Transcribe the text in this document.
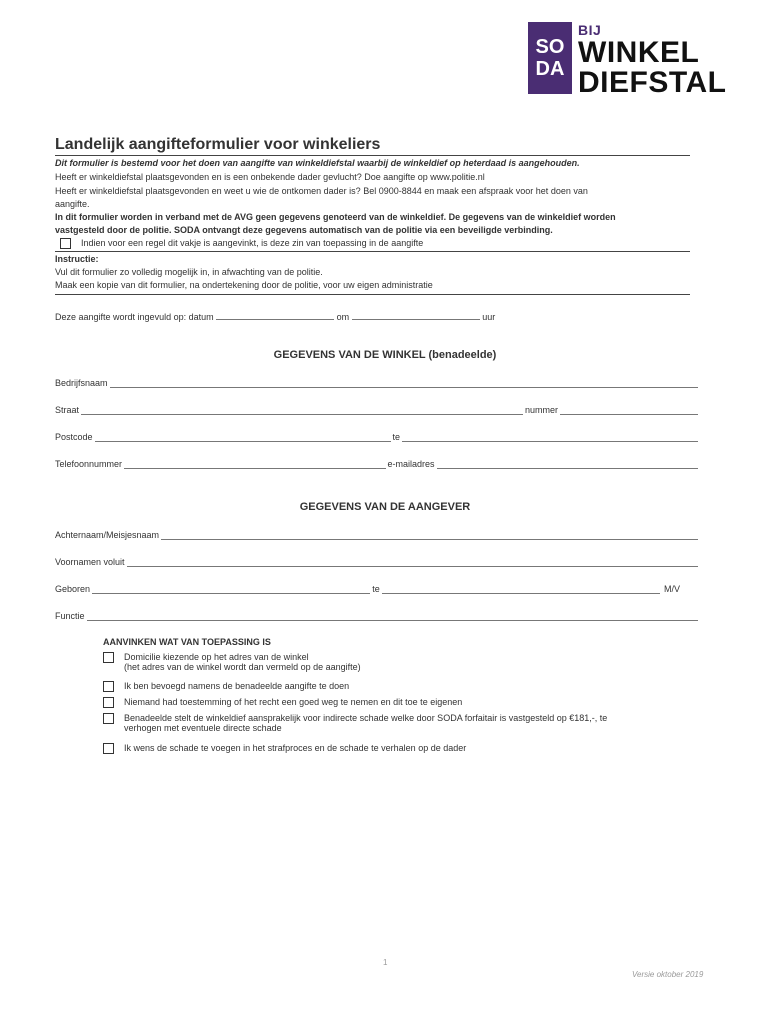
SO
DA
BIJ
WINKEL
DIEFSTAL
Landelijk aangifteformulier voor winkeliers
Dit formulier is bestemd voor het doen van aangifte van winkeldiefstal waarbij de winkeldief op heterdaad is aangehouden.
Heeft er winkeldiefstal plaatsgevonden en is een onbekende dader gevlucht? Doe aangifte op www.politie.nl
Heeft er winkeldiefstal plaatsgevonden en weet u wie de ontkomen dader is? Bel 0900-8844 en maak een afspraak voor het doen van
aangifte.
In dit formulier worden in verband met de AVG geen gegevens genoteerd van de winkeldief. De gegevens van de winkeldief worden
vastgesteld door de politie. SODA ontvangt deze gegevens automatisch van de politie via een beveiligde verbinding.
Indien voor een regel dit vakje is aangevinkt, is deze zin van toepassing in de aangifte
Instructie:
Vul dit formulier zo volledig mogelijk in, in afwachting van de politie.
Maak een kopie van dit formulier, na ondertekening door de politie, voor uw eigen administratie
Deze aangifte wordt ingevuld op: datum	om	uur
GEGEVENS VAN DE WINKEL (benadeelde)
Bedrijfsnaam
Straat	nummer
Postcode	te
Telefoonnummer	e-mailadres
GEGEVENS VAN DE AANGEVER
Achternaam/Meisjesnaam
Voornamen voluit
Geboren	te	M/V
Functie
AANVINKEN WAT VAN TOEPASSING IS
Domicilie kiezende op het adres van de winkel
(het adres van de winkel wordt dan vermeld op de aangifte)
Ik ben bevoegd namens de benadeelde aangifte te doen
Niemand had toestemming of het recht een goed weg te nemen en dit toe te eigenen
Benadeelde stelt de winkeldief aansprakelijk voor indirecte schade welke door SODA forfaitair is vastgesteld op €181,-, te
verhogen met eventuele directe schade
Ik wens de schade te voegen in het strafproces en de schade te verhalen op de dader
1
Versie oktober 2019
